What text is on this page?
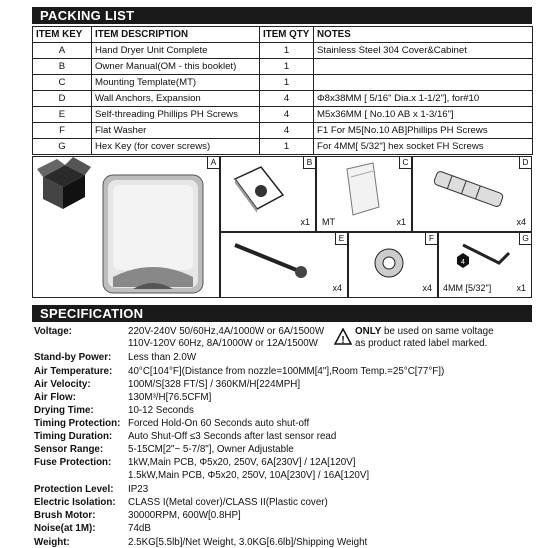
PACKING LIST
ITEM KEY	ITEM DESCRIPTION	ITEM QTY	NOTES
A	Hand Dryer Unit Complete	1	Stainless Steel 304 Cover&Cabinet
B	Owner Manual(OM - this booklet)	1	
C	Mounting Template(MT)	1	
D	Wall Anchors, Expansion	4	Φ8x38MM [ 5/16" Dia.x 1-1/2"], for#10
E	Self-threading Phillips PH Screws	4	M5x36MM [ No.10 AB x 1-3/16"]
F	Flat Washer	4	F1 For M5[No.10 AB]Phillips PH Screws
G	Hex Key (for cover screws)	1	For 4MM[ 5/32"] hex socket FH Screws
A	B
x1
C
MT	x1
D
x4
E
x4
F
x4
G
4
4MM [5/32"]	x1
SPECIFICATION
Voltage:	220V-240V 50/60Hz,4A/1000W or 6A/1500W
110V-120V 60Hz, 8A/1000W or 12A/1500W !
ONLY be used on same voltage
as product rated label marked.
Stand-by Power: Less than 2.0W
Air Temperature: 40°C[104°F](Distance from nozzle=100MM[4"],Room Temp.=25°C[77°F])
Air Velocity:	100M/S[328 FT/S] / 360KM/H[224MPH]
Air Flow:	130M³/H[76.5CFM]
Drying Time:	10-12 Seconds
Timing Protection: Forced Hold-On 60 Seconds auto shut-off
Timing Duration: Auto Shut-Off ≤3 Seconds after last sensor read
Sensor Range:	5-15CM[2"~ 5-7/8"], Owner Adjustable
Fuse Protection: 1kW,Main PCB, Φ5x20, 250V, 6A[230V] / 12A[120V]
1.5kW,Main PCB, Φ5x20, 250V, 10A[230V] / 16A[120V]
Protection Level: IP23
Electric Isolation: CLASS I(Metal cover)/CLASS II(Plastic cover)
Brush Motor:	30000RPM, 600W[0.8HP]
Noise(at 1M):	74dB
Weight:	2.5KG[5.5lb]/Net Weight, 3.0KG[6.6lb]/Shipping Weight
